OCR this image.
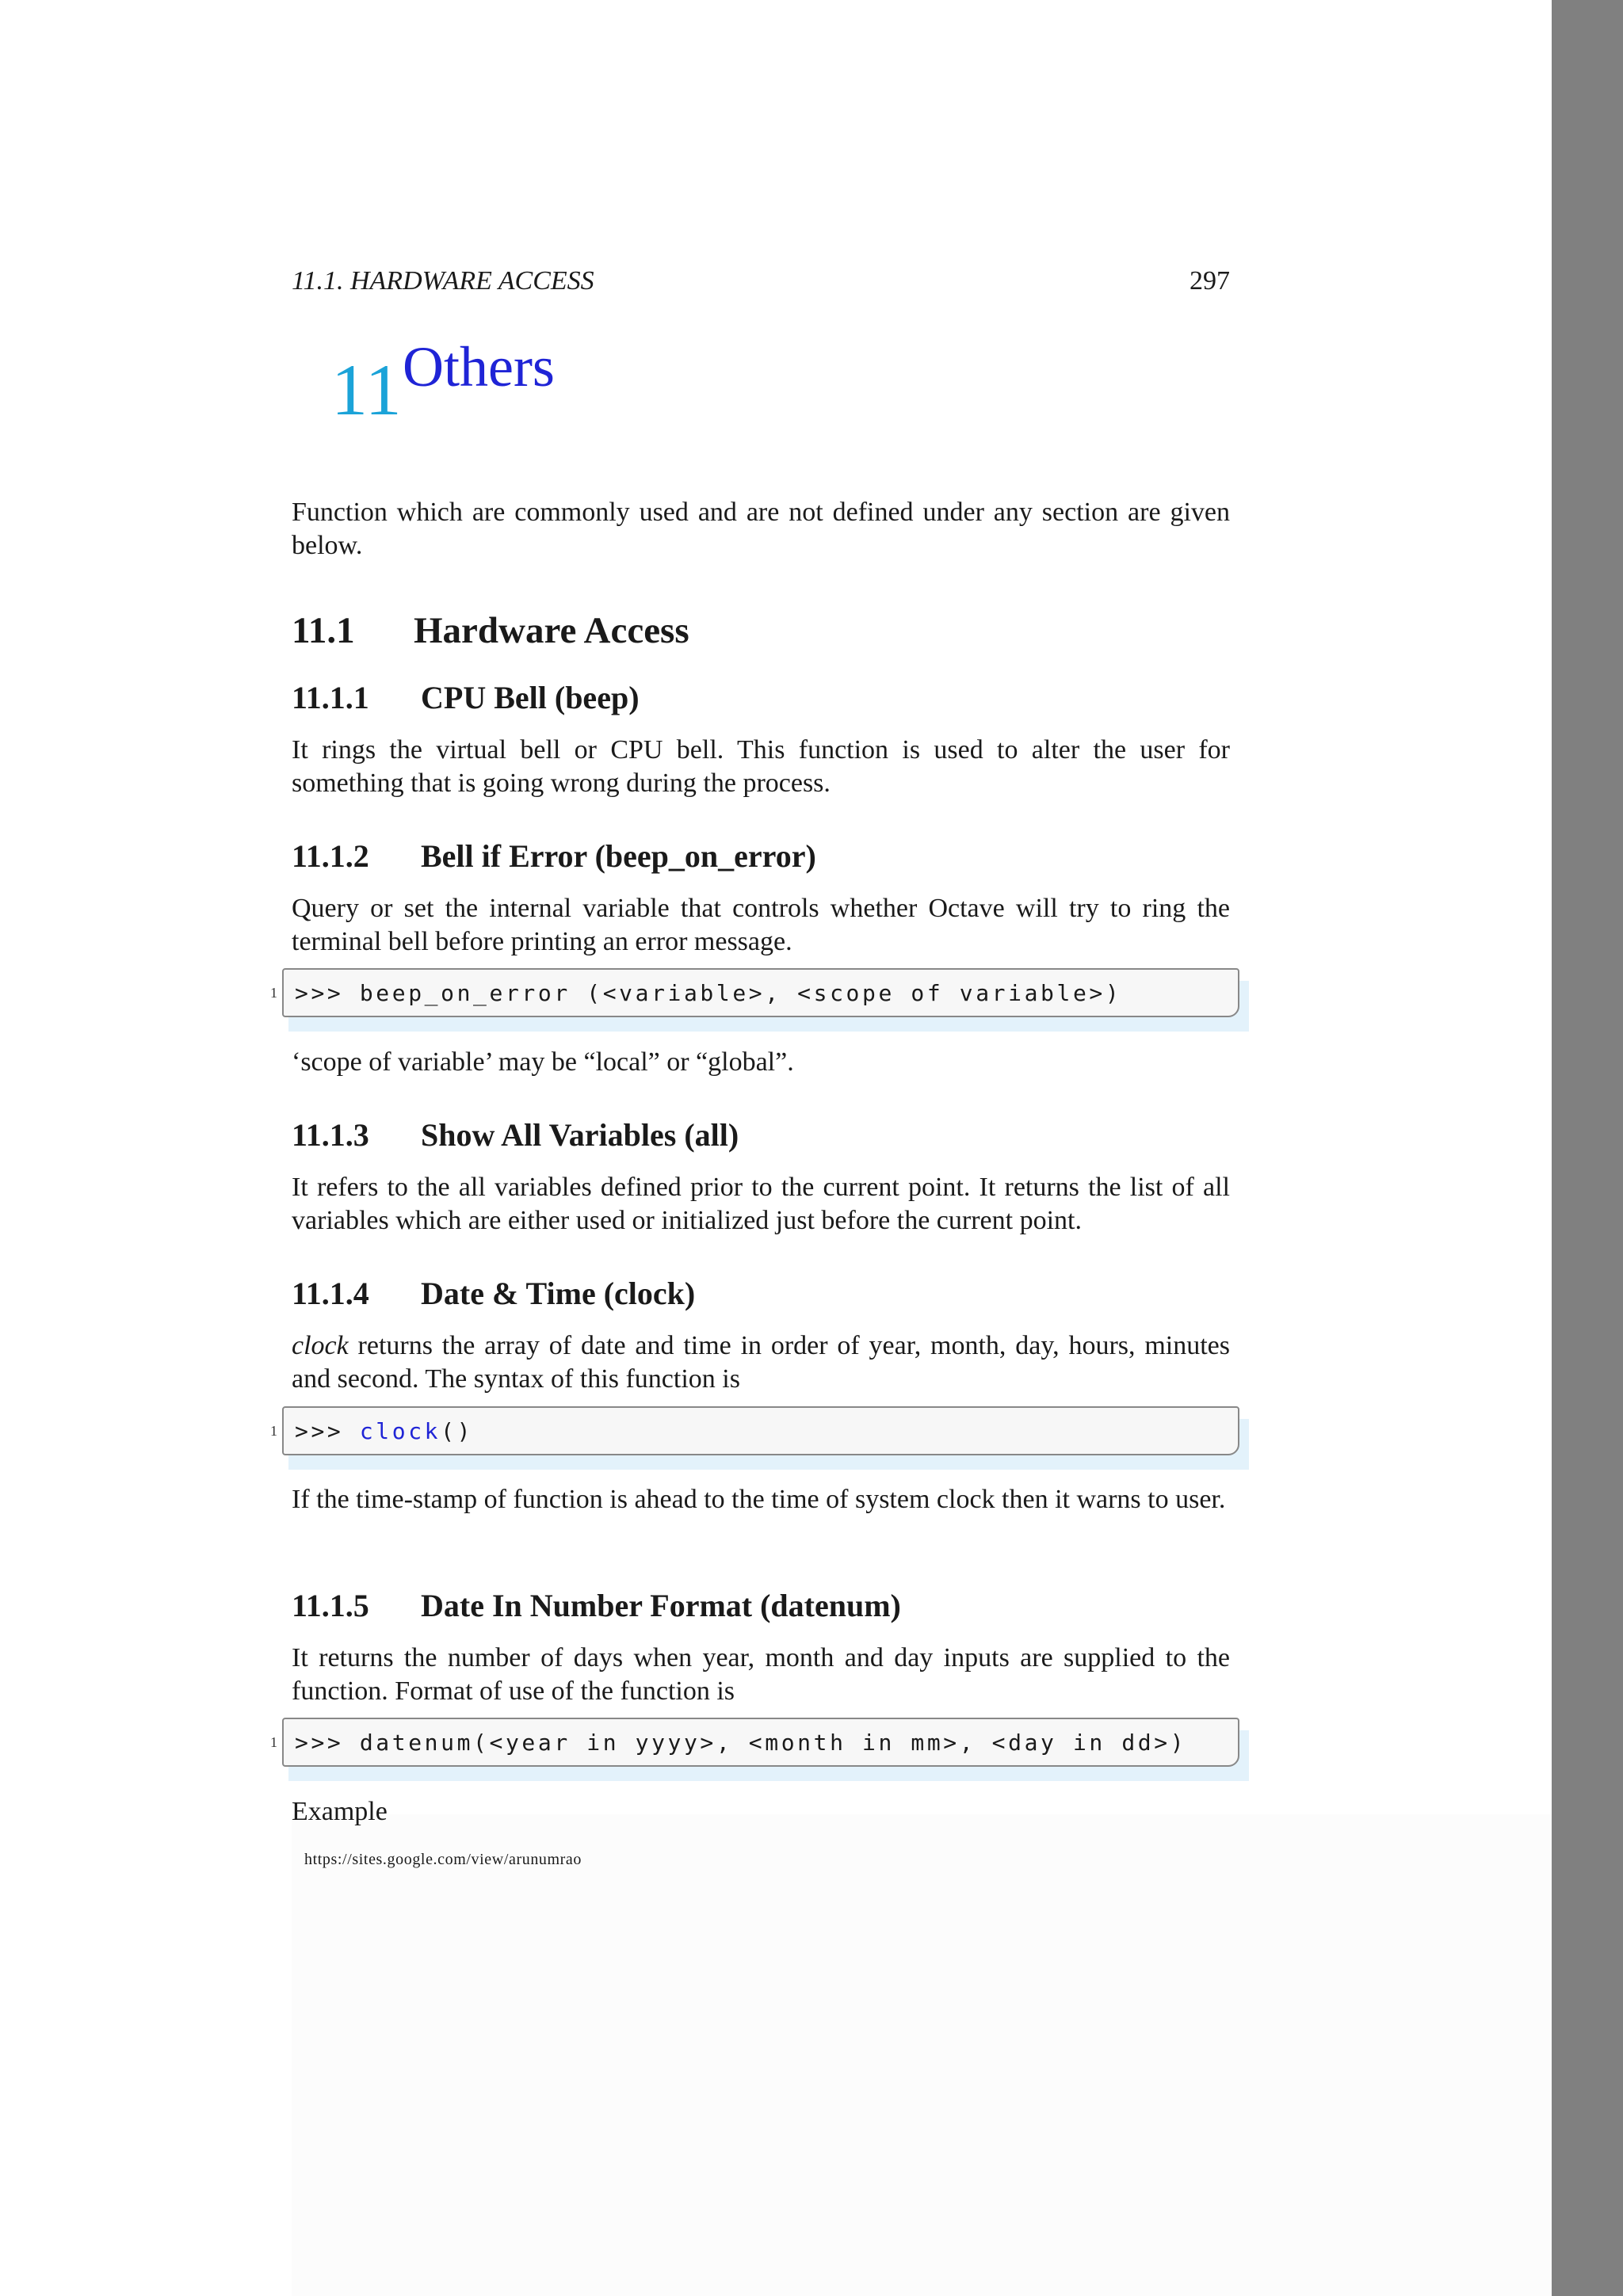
11.1. HARDWARE ACCESS	297
11 Others
Function which are commonly used and are not defined under any section are given below.
11.1 Hardware Access
11.1.1 CPU Bell (beep)
It rings the virtual bell or CPU bell. This function is used to alter the user for something that is going wrong during the process.
11.1.2 Bell if Error (beep_on_error)
Query or set the internal variable that controls whether Octave will try to ring the terminal bell before printing an error message.
>>> beep_on_error (<variable>, <scope of variable>)
1
‘scope of variable’ may be “local” or “global”.
11.1.3 Show All Variables (all)
It refers to the all variables defined prior to the current point. It returns the list of all variables which are either used or initialized just before the current point.
11.1.4 Date & Time (clock)
clock returns the array of date and time in order of year, month, day, hours, minutes and second. The syntax of this function is
>>> clock()
1
If the time-stamp of function is ahead to the time of system clock then it warns to user.
11.1.5 Date In Number Format (datenum)
It returns the number of days when year, month and day inputs are supplied to the function. Format of use of the function is
>>> datenum(<year in yyyy>, <month in mm>, <day in dd>)
1
Example
https://sites.google.com/view/arunumrao
